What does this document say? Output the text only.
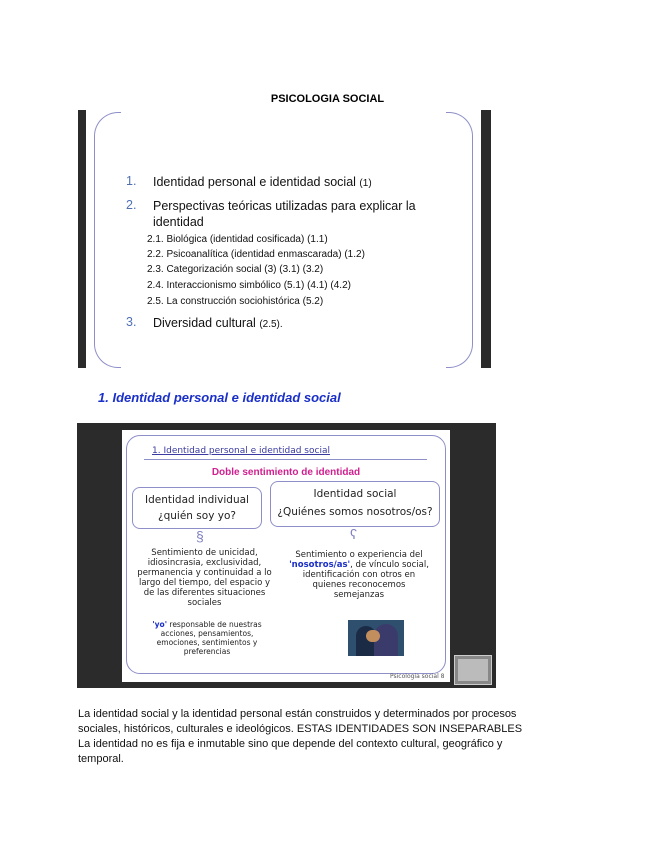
PSICOLOGIA SOCIAL
1. Identidad personal e identidad social (1)
2. Perspectivas teóricas utilizadas para explicar la
identidad
2.1. Biológica (identidad cosificada) (1.1)
2.2. Psicoanalítica (identidad enmascarada) (1.2)
2.3. Categorización social (3) (3.1) (3.2)
2.4. Interaccionismo simbólico (5.1) (4.1) (4.2)
2.5. La construcción sociohistórica (5.2)
3. Diversidad cultural (2.5).
1. Identidad personal e identidad social
1. Identidad personal e identidad social
Doble sentimiento de identidad
Identidad individual
¿quién soy yo?
Identidad social
¿Quiénes somos nosotros/os?
§	ʕ
Sentimiento de unicidad,
idiosincrasia, exclusividad,
permanencia y continuidad a lo
largo del tiempo, del espacio y
de las diferentes situaciones
sociales
'yo' responsable de nuestras
acciones, pensamientos,
emociones, sentimientos y
preferencias
Sentimiento o experiencia del
'nosotros/as', de vínculo social,
identificación con otros en
quienes reconocemos
semejanzas
Psicología social 8

La identidad social y la identidad personal están construidos y determinados por procesos

sociales, históricos, culturales e ideológicos. ESTAS IDENTIDADES SON INSEPARABLES

La identidad no es fija e inmutable sino que depende del contexto cultural, geográfico y

temporal.
